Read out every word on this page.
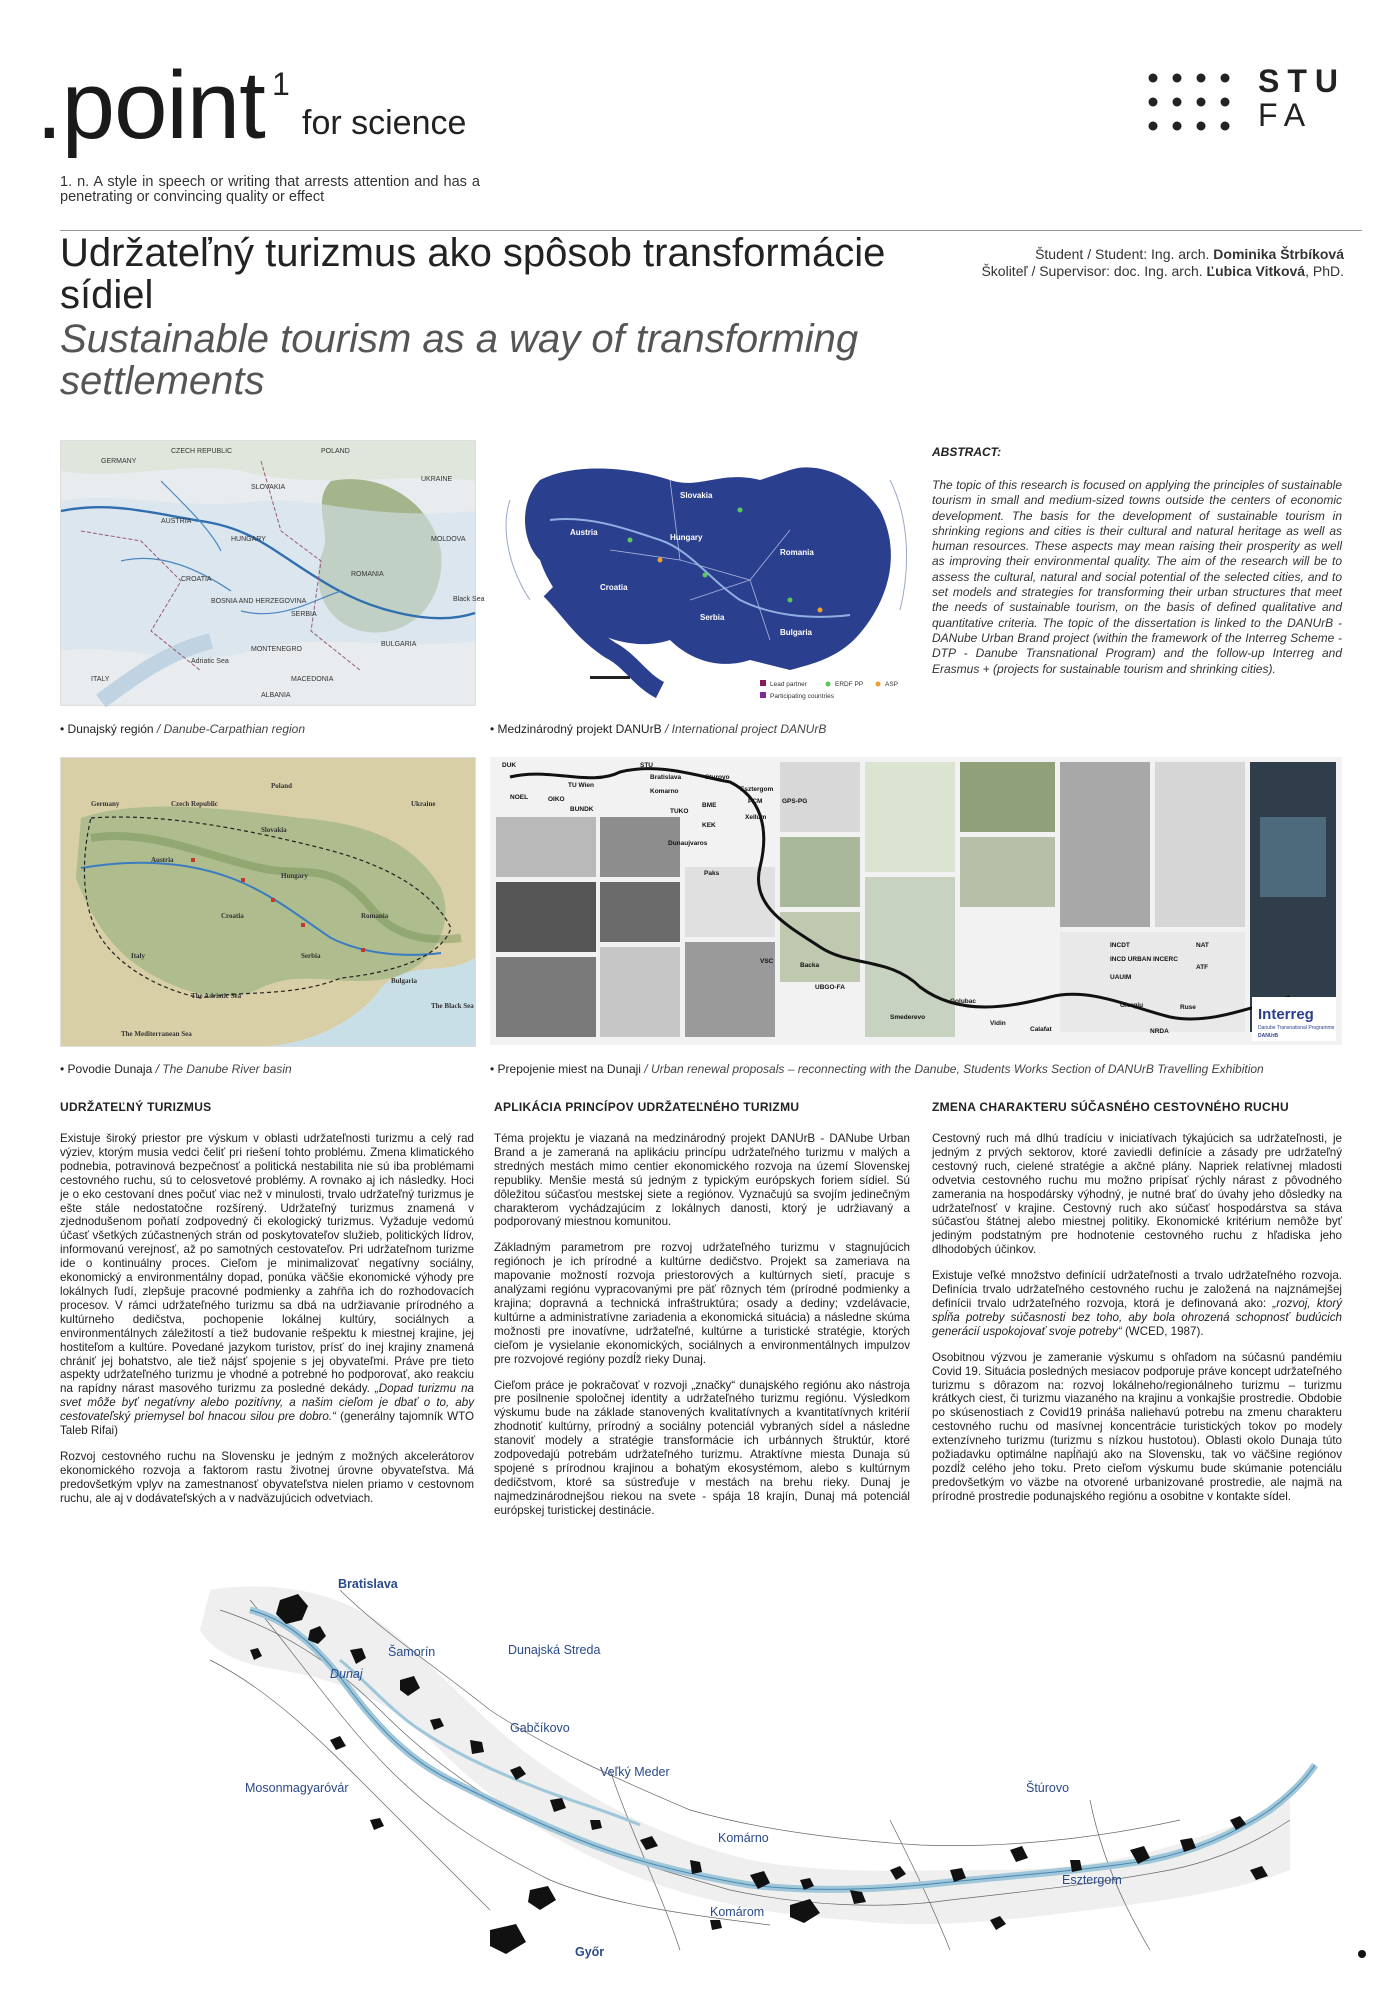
.point 1
for science
1. n. A style in speech or writing that arrests attention and has a penetrating or convincing quality or effect
STU
FA
Udržateľný turizmus ako spôsob transformácie sídiel
Sustainable tourism as a way of transforming settlements
Študent / Student: Ing. arch. Dominika Štrbíková
Školiteľ / Supervisor: doc. Ing. arch. Ľubica Vitková, PhD.
CZECH REPUBLIC
GERMANY
POLAND
UKRAINE
SLOVAKIA
AUSTRIA
HUNGARY	MOLDOVA
ROMANIA
CROATIA
SERBIA
BOSNIA AND HERZEGOVINA
BULGARIA
MONTENEGRO
MACEDONIA
ALBANIA
Adriatic Sea
Black Sea
ITALY
• Dunajský región / Danube-Carpathian region
Slovakia
Austria
Hungary
Romania
Croatia
Serbia
Bulgaria
Lead partner	ERDF PP	ASP
Participating countries
• Medzinárodný projekt DANUrB / International project DANUrB
ABSTRACT:
The topic of this research is focused on applying the principles of sustainable tourism in small and medium-sized towns outside the centers of economic development. The basis for the development of sustainable tourism in shrinking regions and cities is their cultural and natural heritage as well as human resources. These aspects may mean raising their prosperity as well as improving their environmental quality. The aim of the research will be to assess the cultural, natural and social potential of the selected cities, and to set models and strategies for transforming their urban structures that meet the needs of sustainable tourism, on the basis of defined qualitative and quantitative criteria. The topic of the dissertation is linked to the DANUrB - DANube Urban Brand project (within the framework of the Interreg Scheme - DTP - Danube Transnational Program) and the follow-up Interreg and Erasmus + (projects for sustainable tourism and shrinking cities).
Poland
Germany	Czech Republic
Slovakia
Ukraine
Austria
Hungary
Romania
Croatia
Serbia
Bulgaria
Italy
The Black Sea
The Adriatic Sea
The Mediterranean Sea
• Povodie Dunaja / The Danube River basin
DUK
NOEL
TU Wien
OIKO
BUNDK
STU
Bratislava
Komarno
Sturovo
Esztergom
PCM	GPS-PG
Xellum
BME
TUKO
KEK
Dunaujvaros
Paks
VSC
Backa
UBGO-FA
Smederevo
Golubac
Vidin
Calafat
INCDT
INCD URBAN INCERC
UAUIM
NAT
ATF
Giurgiu	Ruse
NRDA
Interreg
Danube Transnational Programme
DANUrB
• Prepojenie miest na Dunaji / Urban renewal proposals – reconnecting with the Danube, Students Works Section of DANUrB Travelling Exhibition
UDRŽATEĽNÝ TURIZMUS

Existuje široký priestor pre výskum v oblasti udržateľnosti turizmu a celý rad výziev, ktorým musia vedci čeliť pri riešení tohto problému. Zmena klimatického podnebia, potravinová bezpečnosť a politická nestabilita nie sú iba problémami cestovného ruchu, sú to celosvetové problémy. A rovnako aj ich následky. Hoci je o eko cestovaní dnes počuť viac než v minulosti, trvalo udržateľný turizmus je ešte stále nedostatočne rozšírený. Udržateľný turizmus znamená v zjednodušenom poňatí zodpovedný či ekologický turizmus. Vyžaduje vedomú účasť všetkých zúčastnených strán od poskytovateľov služieb, politických lídrov, informovanú verejnosť, až po samotných cestovateľov. Pri udržateľnom turizme ide o kontinuálny proces. Cieľom je minimalizovať negatívny sociálny, ekonomický a environmentálny dopad, ponúka väčšie ekonomické výhody pre lokálnych ľudí, zlepšuje pracovné podmienky a zahŕňa ich do rozhodovacích procesov. V rámci udržateľného turizmu sa dbá na udržiavanie prírodného a kultúrneho dedičstva, pochopenie lokálnej kultúry, sociálnych a environmentálnych záležitostí a tiež budovanie rešpektu k miestnej krajine, jej hostiteľom a kultúre. Povedané jazykom turistov, prísť do inej krajiny znamená chrániť jej bohatstvo, ale tiež nájsť spojenie s jej obyvateľmi. Práve pre tieto aspekty udržateľného turizmu je vhodné a potrebné ho podporovať, ako reakciu na rapídny nárast masového turizmu za posledné dekády. „Dopad turizmu na svet môže byť negatívny alebo pozitívny, a našim cieľom je dbať o to, aby cestovateľský priemysel bol hnacou silou pre dobro.“ (generálny tajomník WTO Taleb Rifai)

Rozvoj cestovného ruchu na Slovensku je jedným z možných akcelerátorov ekonomického rozvoja a faktorom rastu životnej úrovne obyvateľstva. Má predovšetkým vplyv na zamestnanosť obyvateľstva nielen priamo v cestovnom ruchu, ale aj v dodávateľských a v nadväzujúcich odvetviach.

APLIKÁCIA PRINCÍPOV UDRŽATEĽNÉHO TURIZMU

Téma projektu je viazaná na medzinárodný projekt DANUrB - DANube Urban Brand a je zameraná na aplikáciu princípu udržateľného turizmu v malých a stredných mestách mimo centier ekonomického rozvoja na území Slovenskej republiky. Menšie mestá sú jedným z typickým európskych foriem sídiel. Sú dôležitou súčasťou mestskej siete a regiónov. Vyznačujú sa svojím jedinečným charakterom vychádzajúcim z lokálnych danosti, ktorý je udržiavaný a podporovaný miestnou komunitou.

Základným parametrom pre rozvoj udržateľného turizmu v stagnujúcich regiónoch je ich prírodné a kultúrne dedičstvo. Projekt sa zameriava na mapovanie možností rozvoja priestorových a kultúrnych sietí, pracuje s analýzami regiónu vypracovanými pre päť rôznych tém (prírodné podmienky a krajina; dopravná a technická infraštruktúra; osady a dediny; vzdelávacie, kultúrne a administratívne zariadenia a ekonomická situácia) a následne skúma možnosti pre inovatívne, udržateľné, kultúrne a turistické stratégie, ktorých cieľom je vysielanie ekonomických, sociálnych a environmentálnych impulzov pre rozvojové regióny pozdĺž rieky Dunaj.

Cieľom práce je pokračovať v rozvoji „značky“ dunajského regiónu ako nástroja pre posilnenie spoločnej identity a udržateľného turizmu regiónu. Výsledkom výskumu bude na základe stanovených kvalitatívnych a kvantitatívnych kritérií zhodnotiť kultúrny, prírodný a sociálny potenciál vybraných sídel a následne stanoviť modely a stratégie transformácie ich urbánnych štruktúr, ktoré zodpovedajú potrebám udržateľného turizmu. Atraktívne miesta Dunaja sú spojené s prírodnou krajinou a bohatým ekosystémom, alebo s kultúrnym dedičstvom, ktoré sa sústreďuje v mestách na brehu rieky. Dunaj je najmedzinárodnejšou riekou na svete - spája 18 krajín, Dunaj má potenciál európskej turistickej destinácie.

ZMENA CHARAKTERU SÚČASNÉHO CESTOVNÉHO RUCHU

Cestovný ruch má dlhú tradíciu v iniciatívach týkajúcich sa udržateľnosti, je jedným z prvých sektorov, ktoré zaviedli definície a zásady pre udržateľný cestovný ruch, cielené stratégie a akčné plány. Napriek relatívnej mladosti odvetvia cestovného ruchu mu možno pripísať rýchly nárast z pôvodného zamerania na hospodársky výhodný, je nutné brať do úvahy jeho dôsledky na udržateľnosť v krajine. Cestovný ruch ako súčasť hospodárstva sa stáva súčasťou štátnej alebo miestnej politiky. Ekonomické kritérium nemôže byť jediným podstatným pre hodnotenie cestovného ruchu z hľadiska jeho dlhodobých účinkov.

Existuje veľké množstvo definícií udržateľnosti a trvalo udržateľného rozvoja. Definícia trvalo udržateľného cestovného ruchu je založená na najznámejšej definícii trvalo udržateľného rozvoja, ktorá je definovaná ako: „rozvoj, ktorý spĺňa potreby súčasnosti bez toho, aby bola ohrozená schopnosť budúcich generácií uspokojovať svoje potreby“ (WCED, 1987).

Osobitnou výzvou je zameranie výskumu s ohľadom na súčasnú pandémiu Covid 19. Situácia posledných mesiacov podporuje práve koncept udržateľného turizmu s dôrazom na: rozvoj lokálneho/regionálneho turizmu – turizmu krátkych ciest, či turizmu viazaného na krajinu a vonkajšie prostredie. Obdobie po skúsenostiach z Covid19 prináša naliehavú potrebu na zmenu charakteru cestovného ruchu od masívnej koncentrácie turistických tokov po modely extenzívneho turizmu (turizmu s nízkou hustotou). Oblasti okolo Dunaja túto požiadavku optimálne napĺňajú ako na Slovensku, tak vo väčšine regiónov pozdĺž celého jeho toku. Preto cieľom výskumu bude skúmanie potenciálu predovšetkým vo väzbe na otvorené urbanizované prostredie, ale najmä na prírodné prostredie podunajského regiónu a osobitne v kontakte sídel.

Bratislava
Šamorín	Dunajská Streda
Dunaj
Gabčíkovo
Mosonmagyaróvár
Veľký Meder
Komárno
Štúrovo
Esztergom
Komárom
Győr
